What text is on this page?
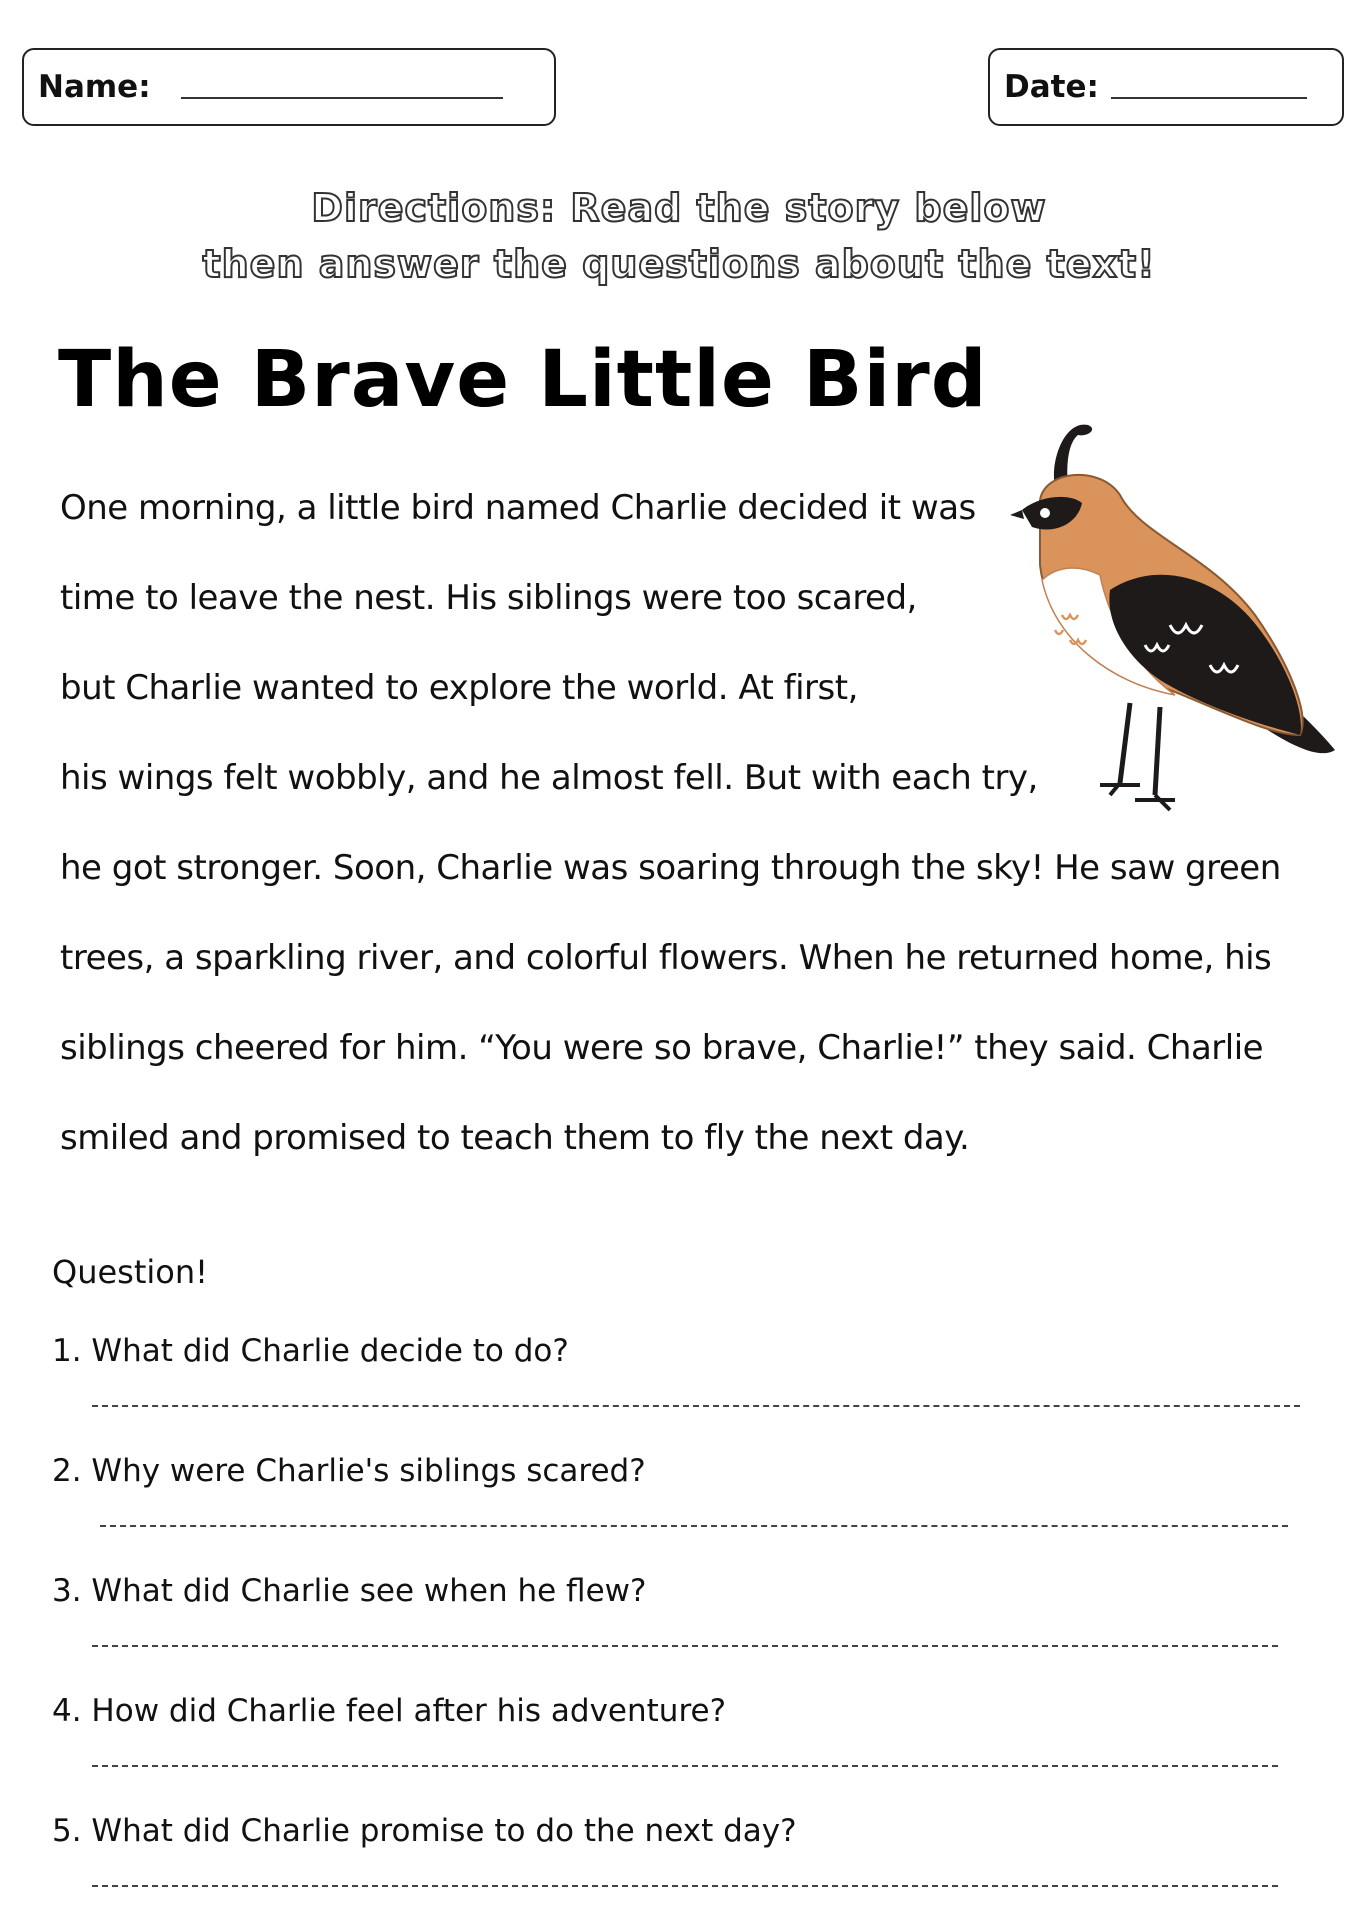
Name:	Date:
Directions: Read the story below
then answer the questions about the text!
The Brave Little Bird
One morning, a little bird named Charlie decided it was
time to leave the nest. His siblings were too scared,
but Charlie wanted to explore the world. At first,
his wings felt wobbly, and he almost fell. But with each try,
he got stronger. Soon, Charlie was soaring through the sky! He saw green
trees, a sparkling river, and colorful flowers. When he returned home, his
siblings cheered for him. “You were so brave, Charlie!” they said. Charlie
smiled and promised to teach them to fly the next day.
Question!
1. What did Charlie decide to do?
2. Why were Charlie's siblings scared?
3. What did Charlie see when he flew?
4. How did Charlie feel after his adventure?
5. What did Charlie promise to do the next day?
